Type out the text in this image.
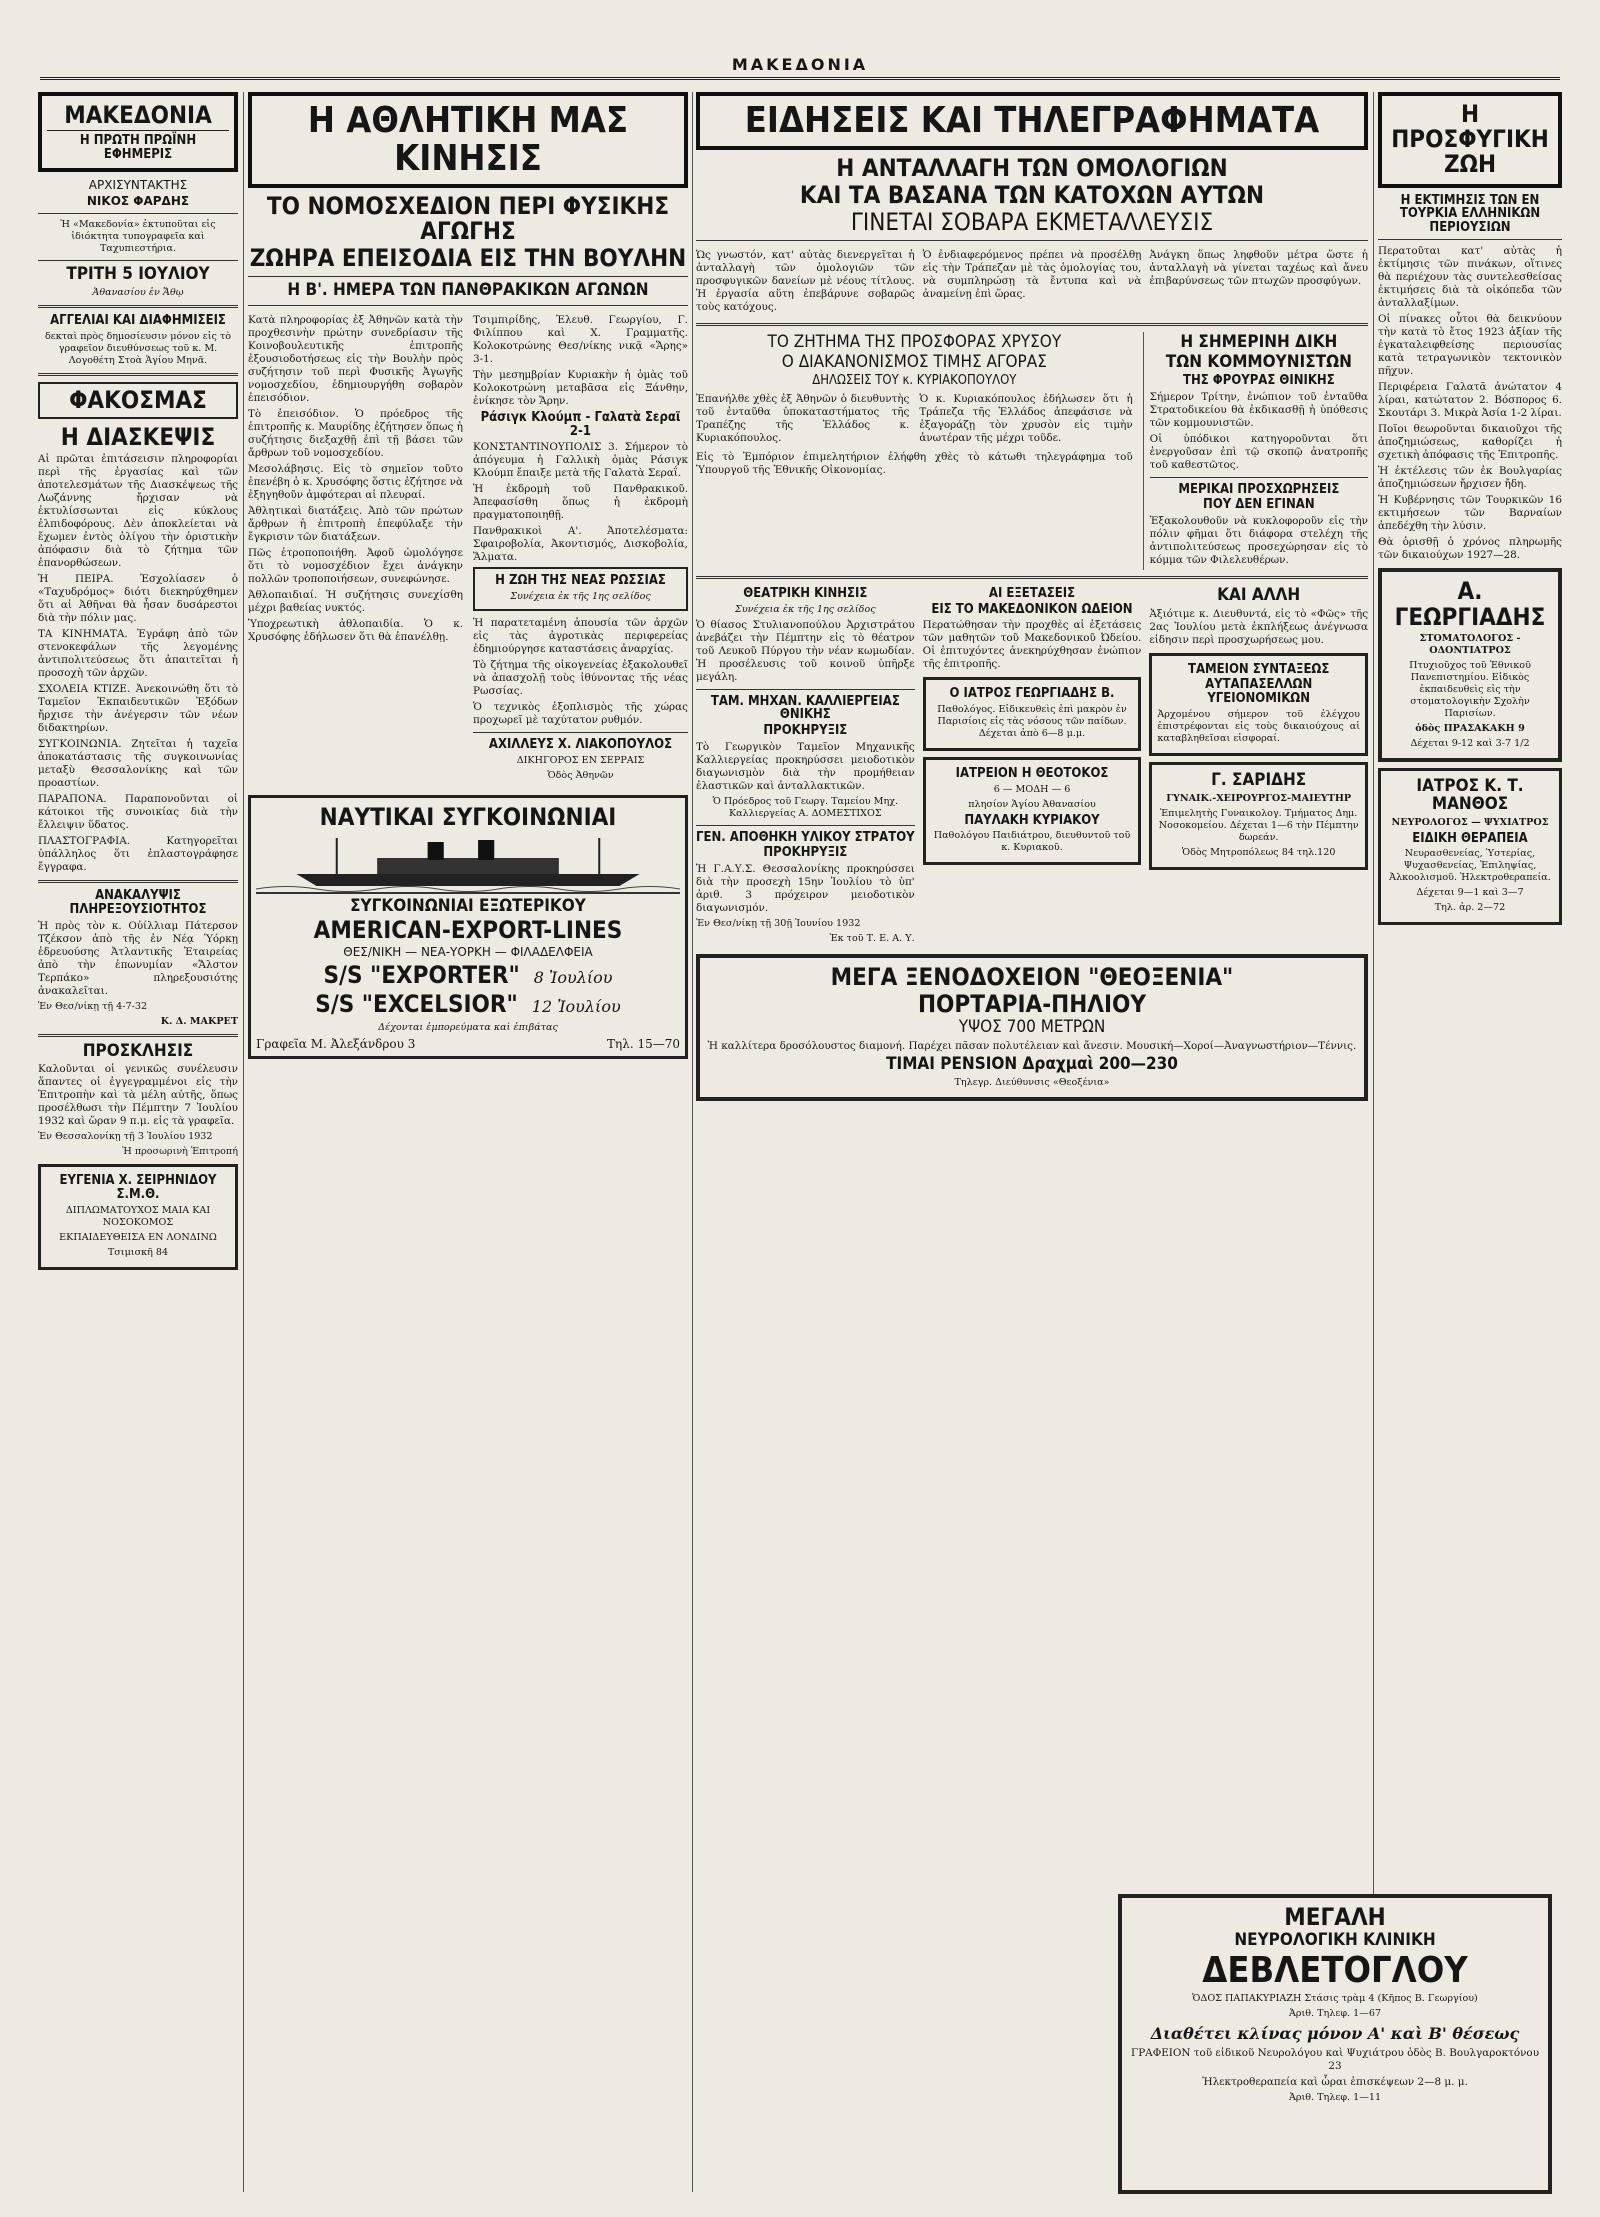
ΜΑΚΕΔΟΝΙΑ
ΜΑΚΕΔΟΝΙΑ
Η ΠΡΩΤΗ ΠΡΩΪΝΗ ΕΦΗΜΕΡΙΣ
ΑΡΧΙΣΥΝΤΑΚΤΗΣ
ΝΙΚΟΣ ΦΑΡΔΗΣ
Ἡ «Μακεδονία» ἐκτυποῦται εἰς ἰδιόκτητα τυπογραφεῖα καὶ Ταχυπιεστήρια.
ΤΡΙΤΗ 5 ΙΟΥΛΙΟΥ
Ἀθανασίου ἐν Ἄθῳ
ΑΓΓΕΛΙΑΙ ΚΑΙ ΔΙΑΦΗΜΙΣΕΙΣ
δεκταὶ πρὸς δημοσίευσιν μόνον εἰς τὸ γραφεῖον διευθύνσεως τοῦ κ. Μ. Λογοθέτη Στοὰ Ἁγίου Μηνᾶ.
ΦΑΚΟΣΜΑΣ
Η ΔΙΑΣΚΕΨΙΣ
Αἱ πρῶται ἐπιτάσεισιν πληροφορίαι περὶ τῆς ἐργασίας καὶ τῶν ἀποτελεσμάτων τῆς Διασκέψεως τῆς Λωζάννης ἤρχισαν νὰ ἐκτυλίσσωνται εἰς κύκλους ἐλπιδοφόρους. Δὲν ἀποκλείεται νὰ ἔχωμεν ἐντὸς ὀλίγου τὴν ὁριστικὴν ἀπόφασιν διὰ τὸ ζήτημα τῶν ἐπανορθώσεων.
Ἡ ΠΕΙΡΑ. Ἐσχολίασεν ὁ «Ταχυδρόμος» διότι διεκηρύχθημεν ὅτι αἱ Ἀθῆναι θὰ ἦσαν δυσάρεστοι διὰ τὴν πόλιν μας.
ΤΑ ΚΙΝΗΜΑΤΑ. Ἐγράφη ἀπὸ τῶν στενοκεφάλων τῆς λεγομένης ἀντιπολιτεύσεως ὅτι ἀπαιτεῖται ἡ προσοχὴ τῶν ἀρχῶν.
ΣΧΟΛΕΙΑ ΚΤΙΖΕ. Ἀνεκοινώθη ὅτι τὸ Ταμεῖον Ἐκπαιδευτικῶν Ἐξόδων ἤρχισε τὴν ἀνέγερσιν τῶν νέων διδακτηρίων.
ΣΥΓΚΟΙΝΩΝΙΑ. Ζητεῖται ἡ ταχεῖα ἀποκατάστασις τῆς συγκοινωνίας μεταξὺ Θεσσαλονίκης καὶ τῶν προαστίων.
ΠΑΡΑΠΟΝΑ. Παραπονοῦνται οἱ κάτοικοι τῆς συνοικίας διὰ τὴν ἔλλειψιν ὕδατος.
ΠΛΑΣΤΟΓΡΑΦΙΑ. Κατηγορεῖται ὑπάλληλος ὅτι ἐπλαστογράφησε ἔγγραφα.
ΑΝΑΚΑΛΥΨΙΣ ΠΛΗΡΕΞΟΥΣΙΟΤΗΤΟΣ
Ἡ πρὸς τὸν κ. Οὐίλλιαμ Πάτερσον Τζέκσον ἀπὸ τῆς ἐν Νέᾳ Ὑόρκῃ ἑδρευούσης Ἀτλαντικῆς Ἑταιρείας ἀπὸ τὴν ἐπωνυμίαν «Ἄλστον Τερπάκο» πληρεξουσιότης ἀνακαλεῖται.
Ἐν Θεσ/νίκῃ τῇ 4-7-32
Κ. Δ. ΜΑΚΡΕΤ
ΠΡΟΣΚΛΗΣΙΣ
Καλοῦνται οἱ γενικῶς συνέλευσιν ἅπαντες οἱ ἐγγεγραμμένοι εἰς τὴν Ἐπιτροπὴν καὶ τὰ μέλη αὐτῆς, ὅπως προσέλθωσι τὴν Πέμπτην 7 Ἰουλίου 1932 καὶ ὥραν 9 π.μ. εἰς τὰ γραφεῖα.
Ἐν Θεσσαλονίκῃ τῇ 3 Ἰουλίου 1932
Ἡ προσωρινὴ Ἐπιτροπή
ΕΥΓΕΝΙΑ Χ. ΣΕΙΡΗΝΙΔΟΥ Σ.Μ.Θ.
ΔΙΠΛΩΜΑΤΟΥΧΟΣ ΜΑΙΑ ΚΑΙ ΝΟΣΟΚΟΜΟΣ
ΕΚΠΑΙΔΕΥΘΕΙΣΑ ΕΝ ΛΟΝΔΙΝΩ
Τσιμισκῆ 84
Η ΑΘΛΗΤΙΚΗ ΜΑΣ ΚΙΝΗΣΙΣ
ΤΟ ΝΟΜΟΣΧΕΔΙΟΝ ΠΕΡΙ ΦΥΣΙΚΗΣ ΑΓΩΓΗΣ
ΖΩΗΡΑ ΕΠΕΙΣΟΔΙΑ ΕΙΣ ΤΗΝ ΒΟΥΛΗΝ
Η Β'. ΗΜΕΡΑ ΤΩΝ ΠΑΝΘΡΑΚΙΚΩΝ ΑΓΩΝΩΝ
Κατὰ πληροφορίας ἐξ Ἀθηνῶν κατὰ τὴν προχθεσινὴν πρώτην συνεδρίασιν τῆς Κοινοβουλευτικῆς ἐπιτροπῆς ἐξουσιοδοτήσεως εἰς τὴν Βουλὴν πρὸς συζήτησιν τοῦ περὶ Φυσικῆς Ἀγωγῆς νομοσχεδίου, ἐδημιουργήθη σοβαρὸν ἐπεισόδιον.
Τὸ ἐπεισόδιον. Ὁ πρόεδρος τῆς ἐπιτροπῆς κ. Μαυρίδης ἐζήτησεν ὅπως ἡ συζήτησις διεξαχθῇ ἐπὶ τῇ βάσει τῶν ἄρθρων τοῦ νομοσχεδίου.
Μεσολάβησις. Εἰς τὸ σημεῖον τοῦτο ἐπενέβη ὁ κ. Χρυσόφης ὅστις ἐζήτησε νὰ ἐξηγηθοῦν ἀμφότεραι αἱ πλευραί.
Ἀθλητικαὶ διατάξεις. Ἀπὸ τῶν πρώτων ἄρθρων ἡ ἐπιτροπὴ ἐπεφύλαξε τὴν ἔγκρισιν τῶν διατάξεων.
Πῶς ἐτροποποιήθη. Ἀφοῦ ὡμολόγησε ὅτι τὸ νομοσχέδιον ἔχει ἀνάγκην πολλῶν τροποποιήσεων, συνεφώνησε.
Ἀθλοπαιδιαί. Ἡ συζήτησις συνεχίσθη μέχρι βαθείας νυκτός.
Ὑποχρεωτικὴ ἀθλοπαιδία. Ὁ κ. Χρυσόφης ἐδήλωσεν ὅτι θὰ ἐπανέλθῃ.
Τσιμπιρίδης, Ἐλευθ. Γεωργίου, Γ. Φιλίππου καὶ Χ. Γραμματῆς. Κολοκοτρώνης Θεσ/νίκης νικᾷ «Ἄρης» 3-1.
Τὴν μεσημβρίαν Κυριακὴν ἡ ὁμὰς τοῦ Κολοκοτρώνη μεταβᾶσα εἰς Ξάνθην, ἐνίκησε τὸν Ἄρην.
Ράσιγκ Κλούμπ - Γαλατὰ Σεραϊ 2-1
ΚΟΝΣΤΑΝΤΙΝΟΥΠΟΛΙΣ 3. Σήμερον τὸ ἀπόγευμα ἡ Γαλλικὴ ὁμὰς Ράσιγκ Κλούμπ ἔπαιξε μετὰ τῆς Γαλατὰ Σεραΐ.
Ἡ ἐκδρομὴ τοῦ Πανθρακικοῦ. Ἀπεφασίσθη ὅπως ἡ ἐκδρομὴ πραγματοποιηθῇ.
Πανθρακικοὶ Α'. Ἀποτελέσματα: Σφαιροβολία, Ἀκοντισμός, Δισκοβολία, Ἅλματα.
Η ΖΩΗ ΤΗΣ ΝΕΑΣ ΡΩΣΣΙΑΣ
Συνέχεια ἐκ τῆς 1ης σελίδος
Ἡ παρατεταμένη ἀπουσία τῶν ἀρχῶν εἰς τὰς ἀγροτικὰς περιφερείας ἐδημιούργησε καταστάσεις ἀναρχίας.
Τὸ ζήτημα τῆς οἰκογενείας ἐξακολουθεῖ νὰ ἀπασχολῇ τοὺς ἰθύνοντας τῆς νέας Ρωσσίας.
Ὁ τεχνικὸς ἐξοπλισμὸς τῆς χώρας προχωρεῖ μὲ ταχύτατον ρυθμόν.
ΑΧΙΛΛΕΥΣ Χ. ΛΙΑΚΟΠΟΥΛΟΣ
ΔΙΚΗΓΟΡΟΣ ΕΝ ΣΕΡΡΑΙΣ
Ὁδὸς Ἀθηνῶν
ΝΑΥΤΙΚΑΙ ΣΥΓΚΟΙΝΩΝΙΑΙ
ΣΥΓΚΟΙΝΩΝΙΑΙ ΕΞΩΤΕΡΙΚΟΥ
AMERICAN-EXPORT-LINES
ΘΕΣ/ΝΙΚΗ — ΝΕΑ-ΥΟΡΚΗ — ΦΙΛΑΔΕΛΦΕΙΑ
S/S "EXPORTER" 8 Ἰουλίου
S/S "EXCELSIOR" 12 Ἰουλίου
Δέχονται ἐμπορεύματα καὶ ἐπιβάτας
Γραφεῖα Μ. Ἀλεξάνδρου 3	Τηλ. 15—70
ΕΙΔΗΣΕΙΣ ΚΑΙ ΤΗΛΕΓΡΑΦΗΜΑΤΑ
Η ΑΝΤΑΛΛΑΓΗ ΤΩΝ ΟΜΟΛΟΓΙΩΝ
ΚΑΙ ΤΑ ΒΑΣΑΝΑ ΤΩΝ ΚΑΤΟΧΩΝ ΑΥΤΩΝ
ΓΙΝΕΤΑΙ ΣΟΒΑΡΑ ΕΚΜΕΤΑΛΛΕΥΣΙΣ
Ὡς γνωστόν, κατ' αὐτὰς διενεργεῖται ἡ ἀνταλλαγὴ τῶν ὁμολογιῶν τῶν προσφυγικῶν δανείων μὲ νέους τίτλους. Ἡ ἐργασία αὕτη ἐπεβάρυνε σοβαρῶς τοὺς κατόχους.
Ὁ ἐνδιαφερόμενος πρέπει νὰ προσέλθῃ εἰς τὴν Τράπεζαν μὲ τὰς ὁμολογίας του, νὰ συμπληρώσῃ τὰ ἔντυπα καὶ νὰ ἀναμείνῃ ἐπὶ ὥρας.
Ἀνάγκη ὅπως ληφθοῦν μέτρα ὥστε ἡ ἀνταλλαγὴ νὰ γίνεται ταχέως καὶ ἄνευ ἐπιβαρύνσεως τῶν πτωχῶν προσφύγων.
ΤΟ ΖΗΤΗΜΑ ΤΗΣ ΠΡΟΣΦΟΡΑΣ ΧΡΥΣΟΥ
Ο ΔΙΑΚΑΝΟΝΙΣΜΟΣ ΤΙΜΗΣ ΑΓΟΡΑΣ
ΔΗΛΩΣΕΙΣ ΤΟΥ κ. ΚΥΡΙΑΚΟΠΟΥΛΟΥ
Ἐπανήλθε χθὲς ἐξ Ἀθηνῶν ὁ διευθυντὴς τοῦ ἐνταῦθα ὑποκαταστήματος τῆς Τραπέζης τῆς Ἑλλάδος κ. Κυριακόπουλος.
Ὁ κ. Κυριακόπουλος ἐδήλωσεν ὅτι ἡ Τράπεζα τῆς Ἑλλάδος ἀπεφάσισε νὰ ἐξαγοράζῃ τὸν χρυσὸν εἰς τιμὴν ἀνωτέραν τῆς μέχρι τοῦδε.
Εἰς τὸ Ἐμπόριον ἐπιμελητήριον ἐλήφθη χθὲς τὸ κάτωθι τηλεγράφημα τοῦ Ὑπουργοῦ τῆς Ἐθνικῆς Οἰκονομίας.
Η ΣΗΜΕΡΙΝΗ ΔΙΚΗ
ΤΩΝ ΚΟΜΜΟΥΝΙΣΤΩΝ
ΤΗΣ ΦΡΟΥΡΑΣ ΘΙΝΙΚΗΣ
Σήμερον Τρίτην, ἐνώπιον τοῦ ἐνταῦθα Στρατοδικείου θὰ ἐκδικασθῇ ἡ ὑπόθεσις τῶν κομμουνιστῶν.
Οἱ ὑπόδικοι κατηγοροῦνται ὅτι ἐνεργοῦσαν ἐπὶ τῷ σκοπῷ ἀνατροπῆς τοῦ καθεστῶτος.
ΜΕΡΙΚΑΙ ΠΡΟΣΧΩΡΗΣΕΙΣ
ΠΟΥ ΔΕΝ ΕΓΙΝΑΝ
Ἐξακολουθοῦν νὰ κυκλοφοροῦν εἰς τὴν πόλιν φῆμαι ὅτι διάφορα στελέχη τῆς ἀντιπολιτεύσεως προσεχώρησαν εἰς τὸ κόμμα τῶν Φιλελευθέρων.
ΘΕΑΤΡΙΚΗ ΚΙΝΗΣΙΣ
Συνέχεια ἐκ τῆς 1ης σελίδος
Ὁ θίασος Στυλιανοπούλου Ἀρχιστράτου ἀνεβάζει τὴν Πέμπτην εἰς τὸ θέατρον τοῦ Λευκοῦ Πύργου τὴν νέαν κωμωδίαν. Ἡ προσέλευσις τοῦ κοινοῦ ὑπῆρξε μεγάλη.
ΤΑΜ. ΜΗΧΑΝ. ΚΑΛΛΙΕΡΓΕΙΑΣ ΘΝΙΚΗΣ
ΠΡΟΚΗΡΥΞΙΣ
Τὸ Γεωργικὸν Ταμεῖον Μηχανικῆς Καλλιεργείας προκηρύσσει μειοδοτικὸν διαγωνισμὸν διὰ τὴν προμήθειαν ἐλαστικῶν καὶ ἀνταλλακτικῶν.
Ὁ Πρόεδρος τοῦ Γεωργ. Ταμείου Μηχ. Καλλιεργείας Α. ΔΟΜΕΣΤΙΧΟΣ
ΓΕΝ. ΑΠΟΘΗΚΗ ΥΛΙΚΟΥ ΣΤΡΑΤΟΥ
ΠΡΟΚΗΡΥΞΙΣ
Ἡ Γ.Α.Υ.Σ. Θεσσαλονίκης προκηρύσσει διὰ τὴν προσεχὴ 15ην Ἰουλίου τὸ ὑπ' ἀριθ. 3 πρόχειρον μειοδοτικὸν διαγωνισμόν.
Ἐν Θεσ/νίκῃ τῇ 30ῇ Ἰουνίου 1932
Ἐκ τοῦ Τ. Ε. Α. Υ.
ΑΙ ΕΞΕΤΑΣΕΙΣ
ΕΙΣ ΤΟ ΜΑΚΕΔΟΝΙΚΟΝ ΩΔΕΙΟΝ
Περατώθησαν τὴν προχθὲς αἱ ἐξετάσεις τῶν μαθητῶν τοῦ Μακεδονικοῦ Ὠδείου. Οἱ ἐπιτυχόντες ἀνεκηρύχθησαν ἐνώπιον τῆς ἐπιτροπῆς.
Ο ΙΑΤΡΟΣ ΓΕΩΡΓΙΑΔΗΣ Β.
Παθολόγος. Εἰδικευθεὶς ἐπὶ μακρὸν ἐν Παρισίοις εἰς τὰς νόσους τῶν παίδων. Δέχεται ἀπὸ 6—8 μ.μ.
ΙΑΤΡΕΙΟΝ Η ΘΕΟΤΟΚΟΣ
6 — ΜΟΔΗ — 6
πλησίον Ἁγίου Ἀθανασίου
ΠΑΥΛΑΚΗ ΚΥΡΙΑΚΟΥ
Παθολόγου Παιδιάτρου, διευθυντοῦ τοῦ κ. Κυριακοῦ.
ΚΑΙ ΑΛΛΗ
Ἀξιότιμε κ. Διευθυντά, εἰς τὸ «Φῶς» τῆς 2ας Ἰουλίου μετὰ ἐκπλήξεως ἀνέγνωσα εἰδησιν περὶ προσχωρήσεως μου.
ΤΑΜΕΙΟΝ ΣΥΝΤΑΞΕΩΣ
ΑΥΤΑΠΑΣΕΛΛΩΝ ΥΓΕΙΟΝΟΜΙΚΩΝ
Ἀρχομένου σήμερον τοῦ ἐλέγχου ἐπιστρέφονται εἰς τοὺς δικαιούχους αἱ καταβληθεῖσαι εἰσφοραί.
Γ. ΣΑΡΙΔΗΣ
ΓΥΝΑΙΚ.-ΧΕΙΡΟΥΡΓΟΣ-ΜΑΙΕΥΤΗΡ
Ἐπιμελητὴς Γυναικολογ. Τμήματος Δημ. Νοσοκομείου. Δέχεται 1—6 τὴν Πέμπτην δωρεάν.
Ὁδὸς Μητροπόλεως 84 τηλ.120
ΜΕΓΑ ΞΕΝΟΔΟΧΕΙΟΝ "ΘΕΟΞΕΝΙΑ"
ΠΟΡΤΑΡΙΑ-ΠΗΛΙΟΥ
ΥΨΟΣ 700 ΜΕΤΡΩΝ
Ἡ καλλίτερα δροσόλουστος διαμονή. Παρέχει πᾶσαν πολυτέλειαν καὶ ἄνεσιν. Μουσική—Χοροί—Ἀναγνωστήριον—Τέννις.
ΤΙΜΑΙ PENSION Δραχμαὶ 200—230
Τηλεγρ. Διεύθυνσις «Θεοξένια»
Η ΠΡΟΣΦΥΓΙΚΗ ΖΩΗ
Η ΕΚΤΙΜΗΣΙΣ ΤΩΝ ΕΝ ΤΟΥΡΚΙΑ ΕΛΛΗΝΙΚΩΝ ΠΕΡΙΟΥΣΙΩΝ
Περατοῦται κατ' αὐτὰς ἡ ἐκτίμησις τῶν πινάκων, οἵτινες θὰ περιέχουν τὰς συντελεσθείσας ἐκτιμήσεις διὰ τὰ οἰκόπεδα τῶν ἀνταλλαξίμων.
Οἱ πίνακες οὗτοι θὰ δεικνύουν τὴν κατὰ τὸ ἔτος 1923 ἀξίαν τῆς ἐγκαταλειφθείσης περιουσίας κατὰ τετραγωνικὸν τεκτονικὸν πῆχυν.
Περιφέρεια Γαλατᾶ ἀνώτατον 4 λίραι, κατώτατον 2. Βόσπορος 6. Σκουτάρι 3. Μικρὰ Ἀσία 1-2 λίραι.
Ποῖοι θεωροῦνται δικαιοῦχοι τῆς ἀποζημιώσεως, καθορίζει ἡ σχετικὴ ἀπόφασις τῆς Ἐπιτροπῆς.
Ἡ ἐκτέλεσις τῶν ἐκ Βουλγαρίας ἀποζημιώσεων ἤρχισεν ἤδη.
Ἡ Κυβέρνησις τῶν Τουρκικῶν 16 εκτιμήσεων τῶν Βαρναίων ἀπεδέχθη τὴν λύσιν.
Θὰ ὁρισθῇ ὁ χρόνος πληρωμῆς τῶν δικαιούχων 1927—28.
Α. ΓΕΩΡΓΙΑΔΗΣ
ΣΤΟΜΑΤΟΛΟΓΟΣ - ΟΔΟΝΤΙΑΤΡΟΣ
Πτυχιοῦχος τοῦ Ἐθνικοῦ Πανεπιστημίου. Εἰδικὸς ἐκπαιδευθεὶς εἰς τὴν στοματολογικὴν Σχολὴν Παρισίων.
ὁδὸς ΠΡΑΣΑΚΑΚΗ 9
Δέχεται 9-12 καὶ 3-7 1/2
ΙΑΤΡΟΣ Κ. Τ. ΜΑΝΘΟΣ
ΝΕΥΡΟΛΟΓΟΣ — ΨΥΧΙΑΤΡΟΣ
ΕΙΔΙΚΗ ΘΕΡΑΠΕΙΑ
Νευρασθενείας, Ὑστερίας, Ψυχασθενείας, Ἐπιληψίας, Ἀλκοολισμοῦ. Ἠλεκτροθεραπεία.
Δέχεται 9—1 καὶ 3—7
Τηλ. ἀρ. 2—72
ΜΕΓΑΛΗ
ΝΕΥΡΟΛΟΓΙΚΗ ΚΛΙΝΙΚΗ
ΔΕΒΛΕΤΟΓΛΟΥ
ὉΔΟΣ ΠΑΠΑΚΥΡΙΑΖΗ Στάσις τρὰμ 4 (Κῆπος Β. Γεωργίου)
Ἀριθ. Τηλεφ. 1—67
Διαθέτει κλίνας μόνον Α' καὶ Β' θέσεως
ΓΡΑΦΕΙΟΝ τοῦ εἰδικοῦ Νευρολόγου καὶ Ψυχιάτρου ὁδὸς Β. Βουλγαροκτόνου 23
Ἠλεκτροθεραπεία καὶ ὧραι ἐπισκέψεων 2—8 μ. μ.
Ἀριθ. Τηλεφ. 1—11
